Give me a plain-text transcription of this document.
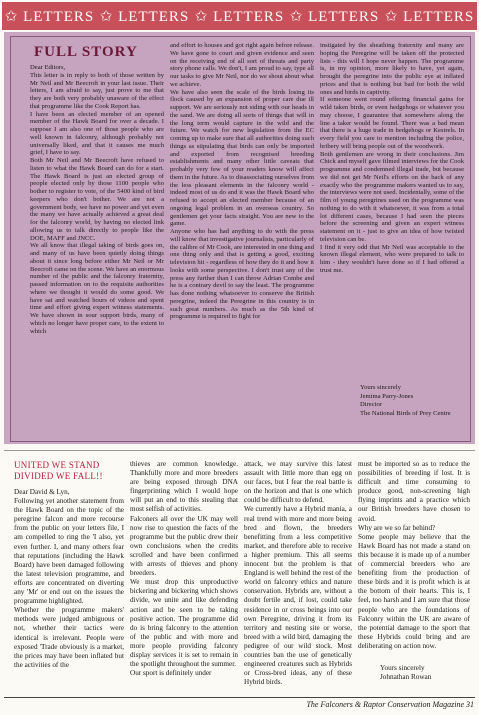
✩ LETTERS ✩ LETTERS ✩ LETTERS ✩ LETTERS ✩ LETTERS
FULL STORY

Dear Editors,
This letter is in reply to both of those written by Mr Neil and Mr Beecroft in your last issue. Their letters, I am afraid to say, just prove to me that they are both very probably unaware of the effect that programme like the Cook Report has.
I have been an elected member of an opened member of the Hawk Board for over a decade. I suppose I am also one of those people who are well known in falconry, although probably not universally liked, and that it causes me much grief, I have to say.
Both Mr Neil and Mr Beecroft have refused to listen to what the Hawk Board can do for a start. The Hawk Board is just an elected group of people elected only by those 1100 people who bother to register to vote, of the 5400 kind of bird keepers who don't bother. We are not a government body, we have no power and yet even the many we have actually achieved a great deal for the falconry world, by having no elected link allowing us to talk directly to people like the DOE, MAFF and JNCC.
We all know that illegal taking of birds goes on, and many of us have been quietly doing things about it since long before either Mr Neil or Mr Beecroft came on the scene. We have an enormous number of the public and the falconry fraternity, passed information on to the requisite authorities where we thought it would do some good. We have sat and watched hours of videos and spent time and effort giving expert witness statements. We have shown in sour support birds, many of which no longer have proper care, to the extent to which

and effort to houses and got right again before release. We have gone to court and given evidence and seen on the receiving end of all sort of threats and party story phone calls. We don't, I am proud to say, type all our tasks to give Mr Neil, nor do we shout about what we achieve.
We have also seen the scale of the birds losing its flock caused by an expansion of proper care due ill support. We are seriously not siding with our heads in the sand. We are doing all sorts of things that will in the long term would capture in the wild and the future. We watch for new legislation from the EC coming up to make sure that all authorities doing such things as stipulating that birds can only be imported and exported from recognised breeding establishments and many other little caveats that probably very few of your readers know will affect them in the future. As to disassociating ourselves from the less pleasant elements in the falconry world - indeed most of us do and it was the Hawk Board who refused to accept an elected member because of an ongoing legal problem in an overseas country. So gentlemen get your facts straight. You are new to the game.
Anyone who has had anything to do with the press will know that investigative journalists, particularly of the calibre of Mr Cook, are interested in one thing and one thing only and that is getting a good, exciting television hit - regardless of how they do it and how it looks with some perspective. I don't trust any of the press any further than I can throw Adrian Combe and he is a contrary devil to say the least. The programme has done nothing whatsoever to conserve the British peregrine, indeed the Peregrine in this country is in such great numbers. As much as the 5th kind of programme is required to fight for

instigated by the sheathing fraternity and many are hoping the Peregrine will be taken off the protected lists - this will I hope never happen. The programme is, in my opinion, more likely to have, yet again, brought the peregrine into the public eye at inflated prices and that is nothing but bad for both the wild ones and birds in captivity.
If someone went round offering financial gains for wild taken birds, or even hedgehogs or whatever you may choose, I guarantee that somewhere along the line a taker would be found. There was a bad mean that there is a huge trade in hedgehogs or Kestrels. In every field you care to mention including the police, bribery will bring people out of the woodwork.
Both gentlemen are wrong in their conclusions. Jim Chick and myself gave filmed interviews for the Cook programme and condemned illegal trade, but because we did not get Mr Neil's efforts on the back of any exactly who the programme makers wanted us to say, the interviews were not used. Incidentally, some of the film of young peregrines used on the programme was nothing to do with it whatsoever, it was from a total lot different cases, because I had seen the pieces before the screening and given an expert witness statement on it - just to give an idea of how twisted television can be.
I find it very odd that Mr Neil was acceptable to the known illegal element, who were prepared to talk to him - they wouldn't have done so if I had offered a trust me.

Yours sincerely
Jemima Parry-Jones
Director
The National Birds of Prey Centre
UNITED WE STAND
DIVIDED WE FALL!!

Dear David & Lyn,
Following yet another statement from the Hawk Board on the topic of the peregrine falcon and more recourse from the public on your letters file, I am compelled to ring the 'I also, yet even further. I, and many others fear that reputations (including the Hawk Board) have been damaged following the latest television programme, and efforts are concentrated on diverting any 'Mr' or end out on the issues the programme highlighted.
Whether the programme makers' methods were judged ambiguous or not, whether their tactics were identical is irrelevant. People were exposed 'Trade obviously is a market, the prices may have been inflated but the activities of the

thieves are common knowledge. Thankfully more and more breeders are being exposed through DNA fingerprinting which I would hope will put an end to this stealing that most selfish of activities.
Falconers all over the UK may well now rise to question the facts of the programme but the public drew their own conclusions when the credits scrolled and have been confirmed with arrests of thieves and phony breeders.
We must drop this unproductive bickering and bickering which shows divide, we unite and like defending action and be seen to be taking positive action. The programme did do is bring falconry to the attention of the public and with more and more people providing falconry display services it is set to remain in the spotlight throughout the summer.
Our sport is definitely under

attack, we may survive this latest assault with little more than egg on our faces, but I fear the real battle is on the horizon and that is one which could be difficult to defend.
We currently have a Hybrid mania, a real trend with more and more being bred and flown, the breeders benefitting from a less competitive market, and therefore able to receive a higher premium. This all seems innocent but the problem is that England is well behind the rest of the world on falconry ethics and nature conservation. Hybrids are, without a doubt fertile and, if lost, could take residence in or cross beings into our own Peregrine, driving it from its territory and nesting site or worse, breed with a wild bird, damaging the pedigree of our wild stock. Most countries ban the use of genetically engineered creatures such as Hybrids or Cross-bred ideas, any of these Hybrid birds.

must be imported so as to reduce the possibilities of breeding if lost. It is difficult and time consuming to produce good, non-screening high flying imprints and a practice which our British breeders have chosen to avoid.
Why are we so far behind?
Some people may believe that the Hawk Board has not made a stand on this because it is made up of a number of commercial breeders who are benefiting from the production of these birds and it is profit which is at the bottom of their hearts. This is, I feel, too harsh and I am sure that those people who are the foundations of Falconry within the UK are aware of the potential damage to the sport that these Hybrids could bring and are deliberating on action now.

Yours sincerely
Johnathan Rowan
The Falconers & Raptor Conservation Magazine 31
